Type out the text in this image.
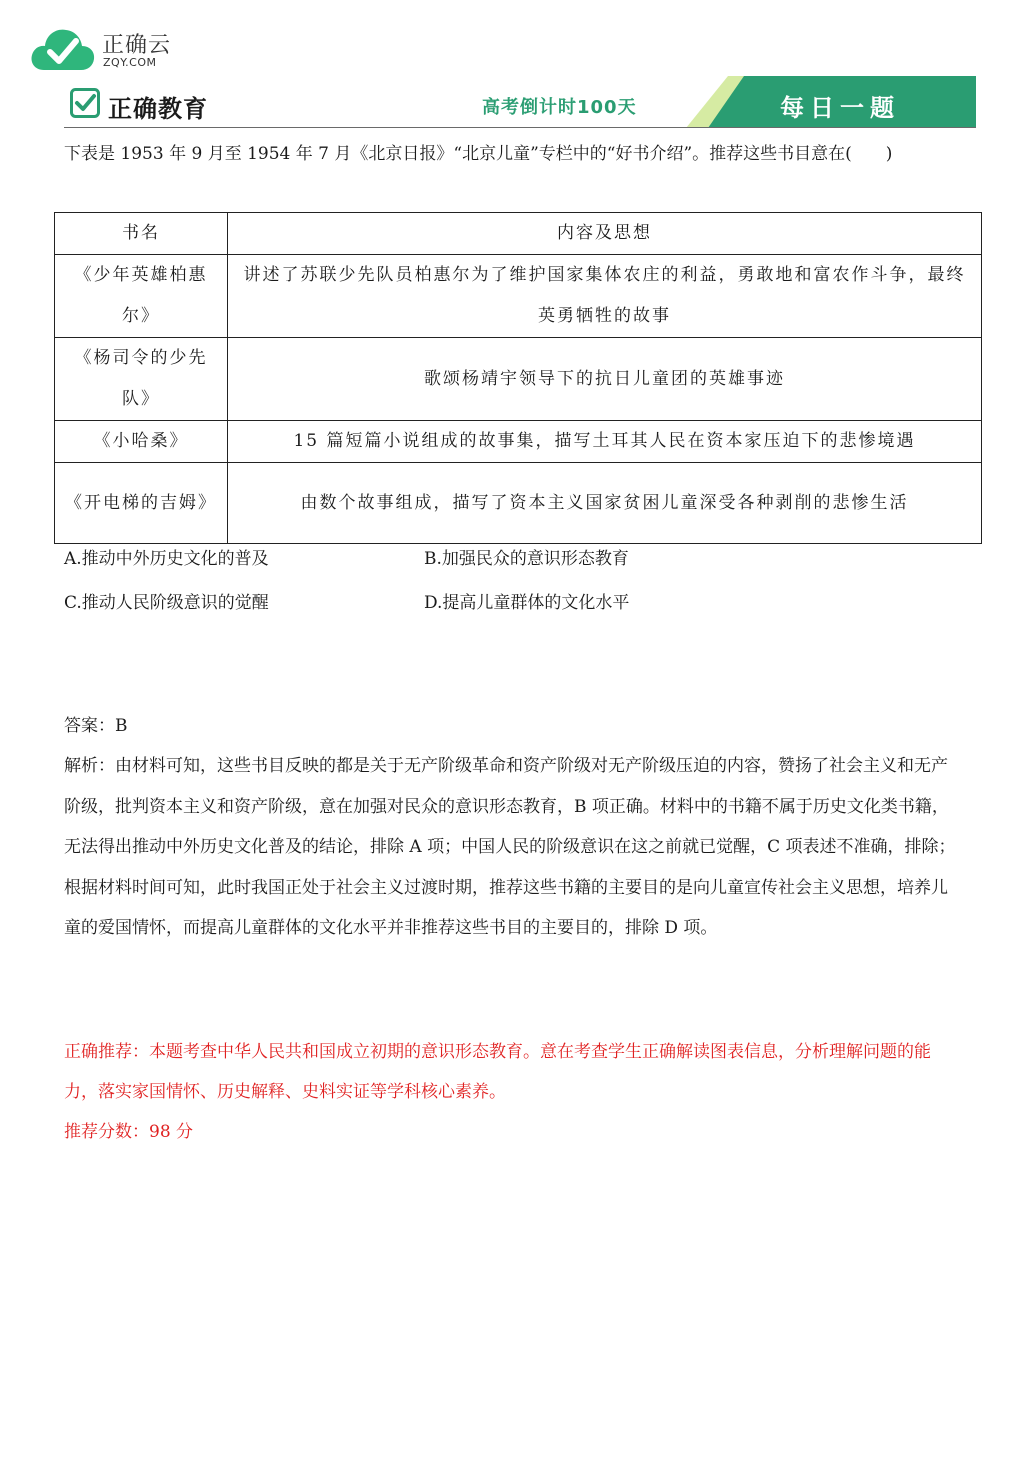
正确云
ZQY.COM
正确教育	高考倒计时100天	每日一题
下表是 1953 年 9 月至 1954 年 7 月《北京日报》“北京儿童”专栏中的“好书介绍”。推荐这些书目意在(　　)
书名	内容及思想
《少年英雄柏惠尔》	讲述了苏联少先队员柏惠尔为了维护国家集体农庄的利益，勇敢地和富农作斗争，最终英勇牺牲的故事
《杨司令的少先队》	歌颂杨靖宇领导下的抗日儿童团的英雄事迹
《小哈桑》	15 篇短篇小说组成的故事集，描写土耳其人民在资本家压迫下的悲惨境遇
《开电梯的吉姆》	由数个故事组成，描写了资本主义国家贫困儿童深受各种剥削的悲惨生活
A.推动中外历史文化的普及	B.加强民众的意识形态教育
C.推动人民阶级意识的觉醒	D.提高儿童群体的文化水平
答案：B
解析：由材料可知，这些书目反映的都是关于无产阶级革命和资产阶级对无产阶级压迫的内容，赞扬了社会主义和无产阶级，批判资本主义和资产阶级，意在加强对民众的意识形态教育，B 项正确。材料中的书籍不属于历史文化类书籍，无法得出推动中外历史文化普及的结论，排除 A 项；中国人民的阶级意识在这之前就已觉醒，C 项表述不准确，排除；根据材料时间可知，此时我国正处于社会主义过渡时期，推荐这些书籍的主要目的是向儿童宣传社会主义思想，培养儿童的爱国情怀，而提高儿童群体的文化水平并非推荐这些书目的主要目的，排除 D 项。
正确推荐：本题考查中华人民共和国成立初期的意识形态教育。意在考查学生正确解读图表信息，分析理解问题的能力，落实家国情怀、历史解释、史料实证等学科核心素养。
推荐分数：98 分
